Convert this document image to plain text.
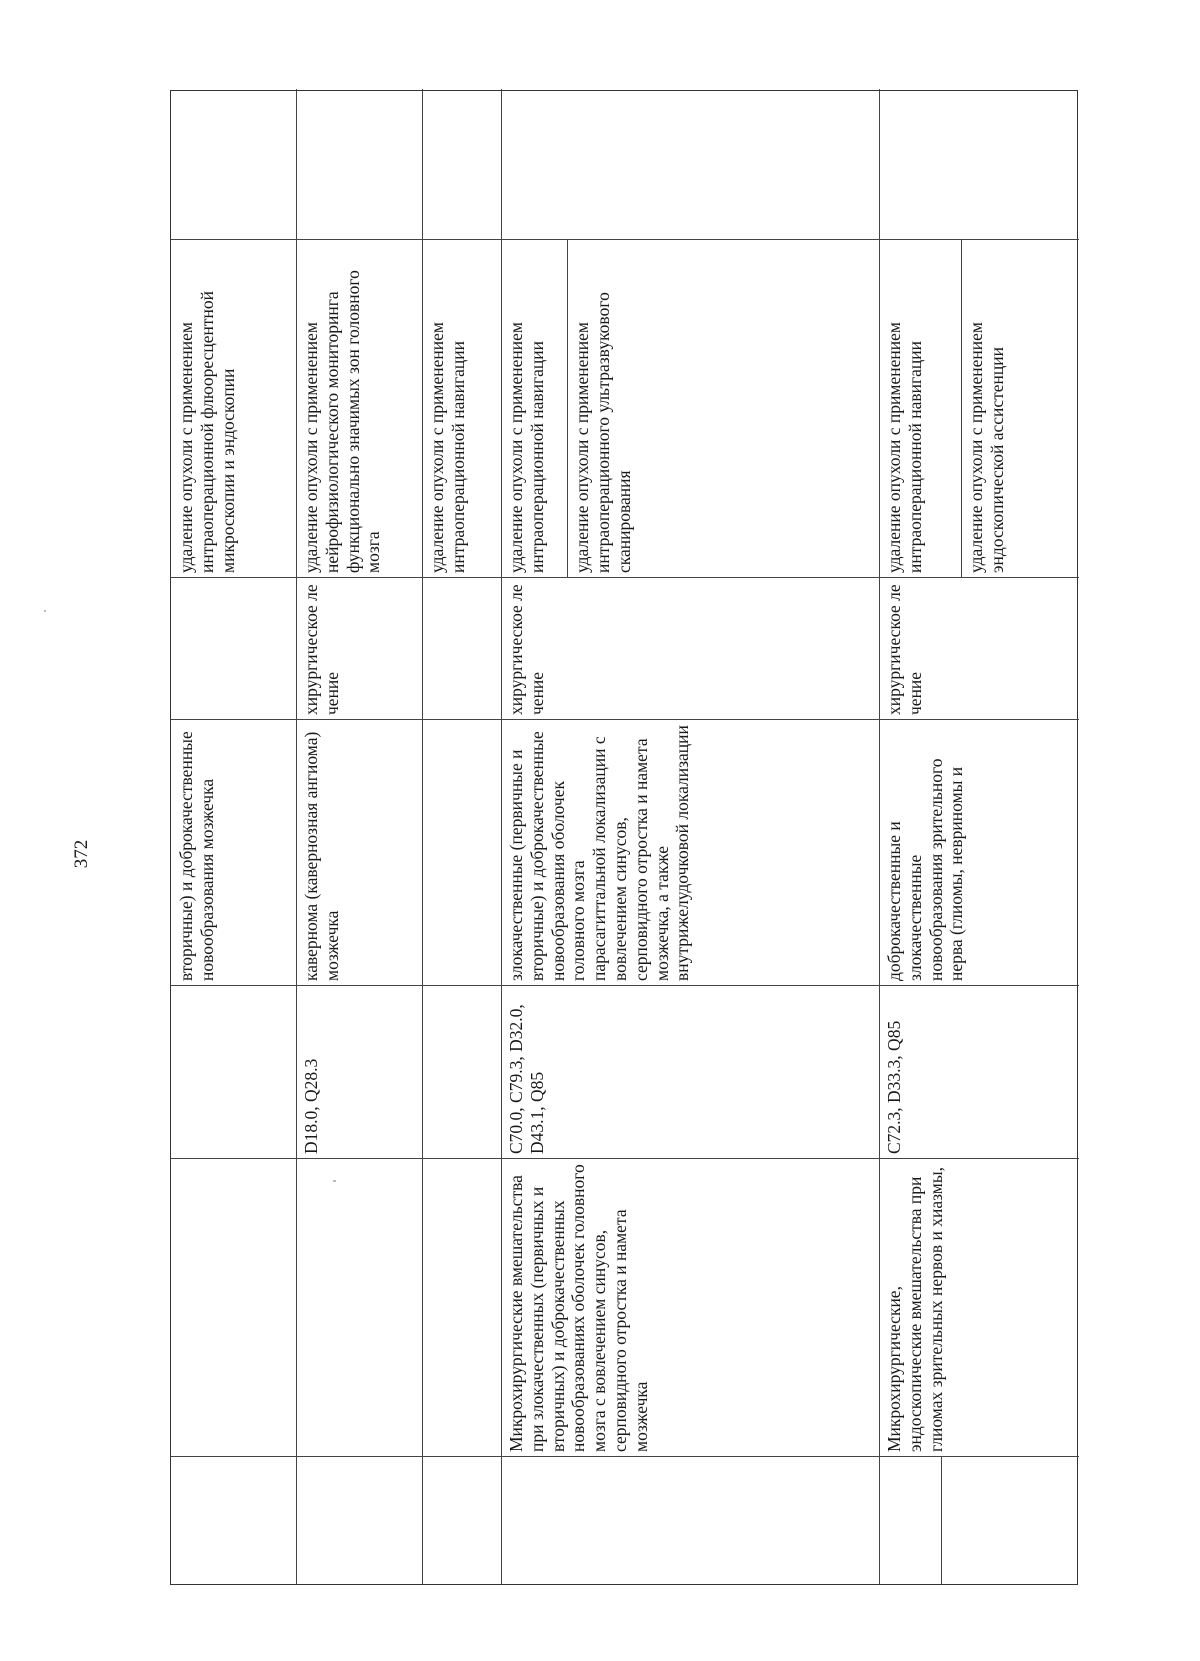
372	вторичные) и доброкачественные новообразования мозжечка
удаление опухоли с применением интраоперационной флюоресцентной микроскопии и эндоскопии
D18.0, Q28.3
кавернома (кавернозная ангиома) мозжечка
хирургическое лечение
удаление опухоли с применением нейрофизиологического мониторинга функционально значимых зон головного мозга удаление опухоли с применением интраоперационной навигации
Микрохирургические вмешательства при злокачественных (первичных и вторичных) и доброкачественных новообразованиях оболочек головного мозга с вовлечением синусов, серповидного отростка и намета мозжечка
C70.0, C79.3, D32.0, D43.1, Q85
злокачественные (первичные и вторичные) и доброкачественные новообразования оболочек головного мозга парасагиттальной локализации с вовлечением синусов, серповидного отростка и намета мозжечка, а также внутрижелудочковой локализации
хирургическое лечение
удаление опухоли с применением интраоперационной навигации удаление опухоли с применением интраоперационного ультразвукового сканирования
Микрохирургические, эндоскопические вмешательства при глиомах зрительных нервов и хиазмы,
C72.3, D33.3, Q85
доброкачественные и злокачественные новообразования зрительного нерва (глиомы, невриномы и
хирургическое лечение
удаление опухоли с применением интраоперационной навигации удаление опухоли с применением эндоскопической ассистенции
